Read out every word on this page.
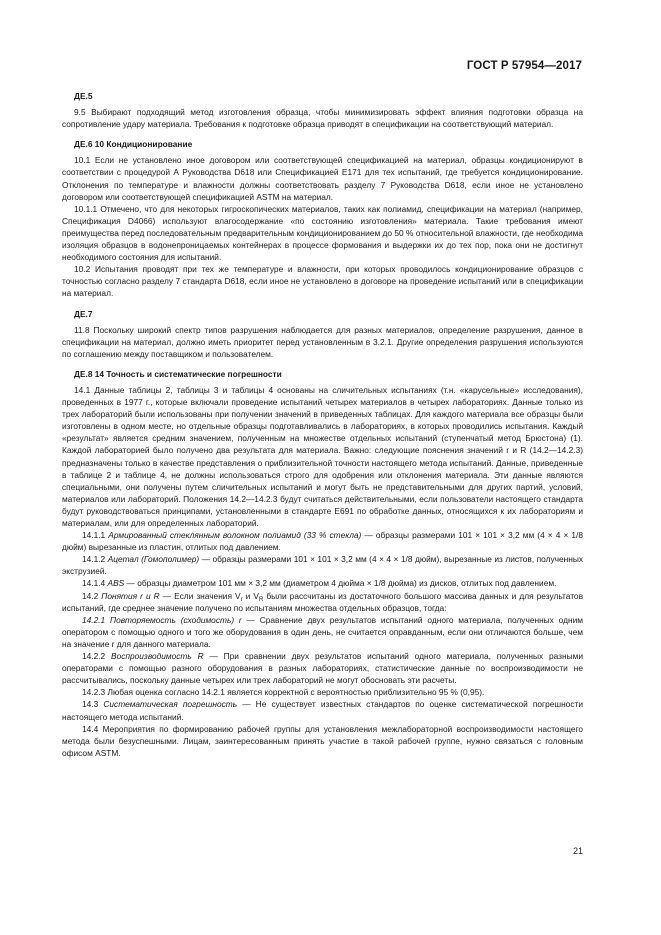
ГОСТ Р 57954—2017

ДЕ.5

9.5 Выбирают подходящий метод изготовления образца, чтобы минимизировать эффект влияния подготовки образца на сопротивление удару материала. Требования к подготовке образца приводят в спецификации на соответствующий материал.

ДЕ.6 10 Кондиционирование

10.1 Если не установлено иное договором или соответствующей спецификацией на материал, образцы кондиционируют в соответствии с процедурой А Руководства D618 или Спецификацией Е171 для тех испытаний, где требуется кондиционирование. Отклонения по температуре и влажности должны соответствовать разделу 7 Руководства D618, если иное не установлено договором или соответствующей спецификацией ASTM на материал.

10.1.1 Отмечено, что для некоторых гигроскопических материалов, таких как полиамид, спецификации на материал (например, Спецификация D4066) используют влагосодержание «по состоянию изготовления» материала. Такие требования имеют преимущества перед последовательным предварительным кондиционированием до 50 % относительной влажности, где необходима изоляция образцов в водонепроницаемых контейнерах в процессе формования и выдержки их до тех пор, пока они не достигнут необходимого состояния для испытаний.

10.2 Испытания проводят при тех же температуре и влажности, при которых проводилось кондиционирование образцов с точностью согласно разделу 7 стандарта D618, если иное не установлено в договоре на проведение испытаний или в спецификации на материал.

ДЕ.7

11.8 Поскольку широкий спектр типов разрушения наблюдается для разных материалов, определение разрушения, данное в спецификации на материал, должно иметь приоритет перед установленным в 3.2.1. Другие определения разрушения используются по соглашению между поставщиком и пользователем.

ДЕ.8 14 Точность и систематические погрешности

14.1 Данные таблицы 2, таблицы 3 и таблицы 4 основаны на сличительных испытаниях (т.н. «карусельные» исследования), проведенных в 1977 г., которые включали проведение испытаний четырех материалов в четырех лабораториях. Данные только из трех лабораторий были использованы при получении значений в приведенных таблицах. Для каждого материала все образцы были изготовлены в одном месте, но отдельные образцы подготавливались в лабораториях, в которых проводились испытания. Каждый «результат» является средним значением, полученным на множестве отдельных испытаний (ступенчатый метод Брюстона) (1). Каждой лабораторией было получено два результата для материала. Важно: следующие пояснения значений r и R (14.2—14.2.3) предназначены только в качестве представления о приблизительной точности настоящего метода испытаний. Данные, приведенные в таблице 2 и таблице 4, не должны использоваться строго для одобрения или отклонения материала. Эти данные являются специальными, они получены путем сличительных испытаний и могут быть не представительными для других партий, условий, материалов или лабораторий. Положения 14.2—14.2.3 будут считаться действительными, если пользователи настоящего стандарта будут руководствоваться принципами, установленными в стандарте Е691 по обработке данных, относящихся к их лабораториям и материалам, или для определенных лабораторий.

14.1.1 Армированный стеклянным волокном полиамид (33 % стекла) — образцы размерами 101 × 101 × 3,2 мм (4 × 4 × 1/8 дюйм) вырезанные из пластин, отлитых под давлением.

14.1.2 Ацетал (Гомополимер) — образцы размерами 101 × 101 × 3,2 мм (4 × 4 × 1/8 дюйм), вырезанные из листов, полученных экструзией.

14.1.4 ABS — образцы диаметром 101 мм × 3,2 мм (диаметром 4 дюйма × 1/8 дюйма) из дисков, отлитых под давлением.

14.2 Понятия r и R — Если значения $V_r$ и $V_R$ были рассчитаны из достаточного большого массива данных и для результатов испытаний, где среднее значение получено по испытаниям множества отдельных образцов, тогда:

14.2.1 Повторяемость (сходимость) r — Сравнение двух результатов испытаний одного материала, полученных одним оператором с помощью одного и того же оборудования в один день, не считается оправданным, если они отличаются больше, чем на значение r для данного материала.

14.2.2 Воспроизводимость R — При сравнении двух результатов испытаний одного материала, полученных разными операторами с помощью разного оборудования в разных лабораториях, статистические данные по воспроизводимости не рассчитывались, поскольку данные четырех или трех лабораторий не могут обосновать эти расчеты.

14.2.3 Любая оценка согласно 14.2.1 является корректной с вероятностью приблизительно 95 % (0,95).

14.3 Систематическая погрешность — Не существует известных стандартов по оценке систематической погрешности настоящего метода испытаний.

14.4 Мероприятия по формированию рабочей группы для установления межлабораторной воспроизводимости настоящего метода были безуспешными. Лицам, заинтересованным принять участие в такой рабочей группе, нужно связаться с головным офисом ASTM.

21
